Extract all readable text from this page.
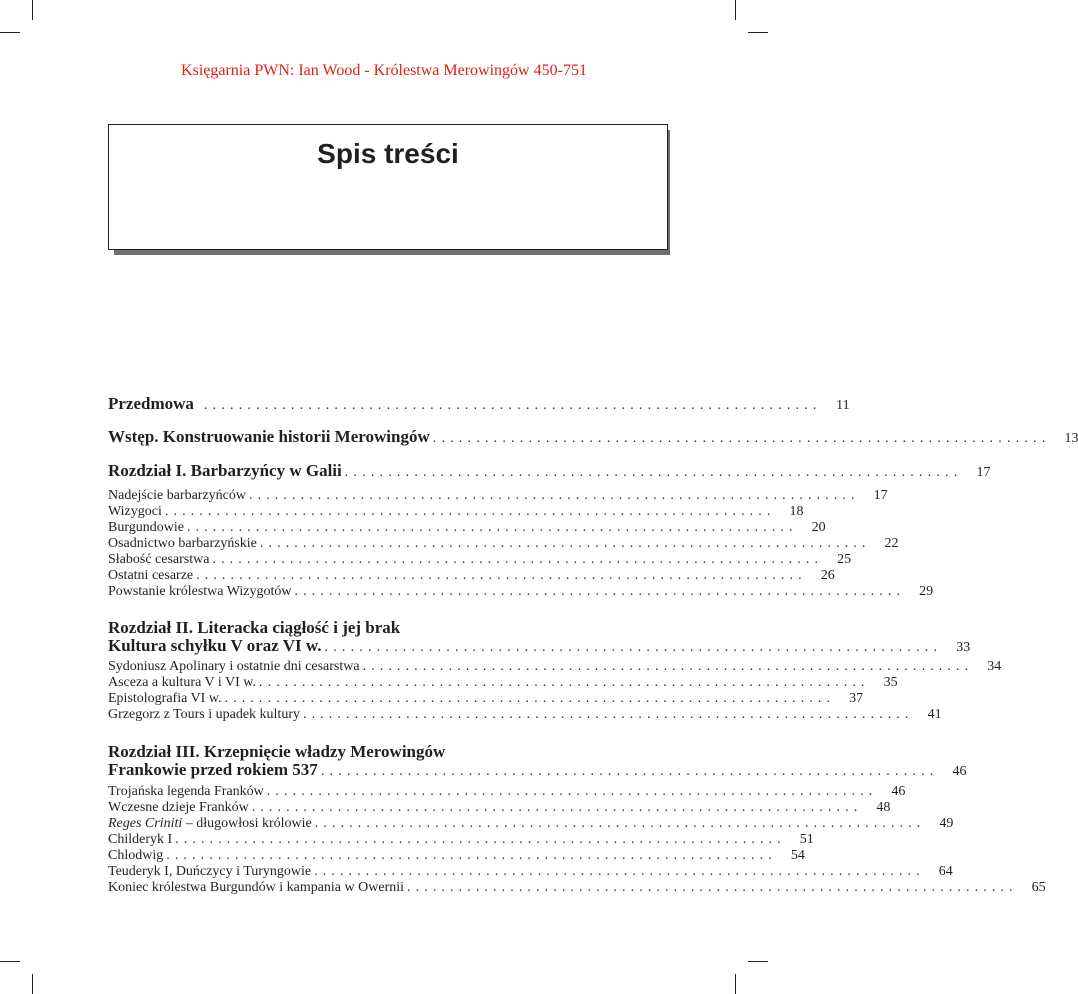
Księgarnia PWN: Ian Wood - Królestwa Merowingów 450-751
Spis treści
Przedmowa .......................................................................	11
Wstęp. Konstruowanie historii Merowingów .......................................................................	13
Rozdział I. Barbarzyńcy w Galii .......................................................................	17
Nadejście barbarzyńców .......................................................................	17
Wizygoci .......................................................................	18
Burgundowie .......................................................................	20
Osadnictwo barbarzyńskie .......................................................................	22
Słabość cesarstwa .......................................................................	25
Ostatni cesarze .......................................................................	26
Powstanie królestwa Wizygotów .......................................................................	29
Rozdział II. Literacka ciągłość i jej brak
Kultura schyłku V oraz VI w. .......................................................................	33
Sydoniusz Apolinary i ostatnie dni cesarstwa .......................................................................	34
Asceza a kultura V i VI w. .......................................................................	35
Epistolografia VI w. .......................................................................	37
Grzegorz z Tours i upadek kultury .......................................................................	41
Rozdział III. Krzepnięcie władzy Merowingów
Frankowie przed rokiem 537 .......................................................................	46
Trojańska legenda Franków .......................................................................	46
Wczesne dzieje Franków .......................................................................	48
Reges Criniti – długowłosi królowie .......................................................................	49
Childeryk I .......................................................................	51
Chlodwig .......................................................................	54
Teuderyk I, Duńczycy i Turyngowie .......................................................................	64
Koniec królestwa Burgundów i kampania w Owernii .......................................................................	65
